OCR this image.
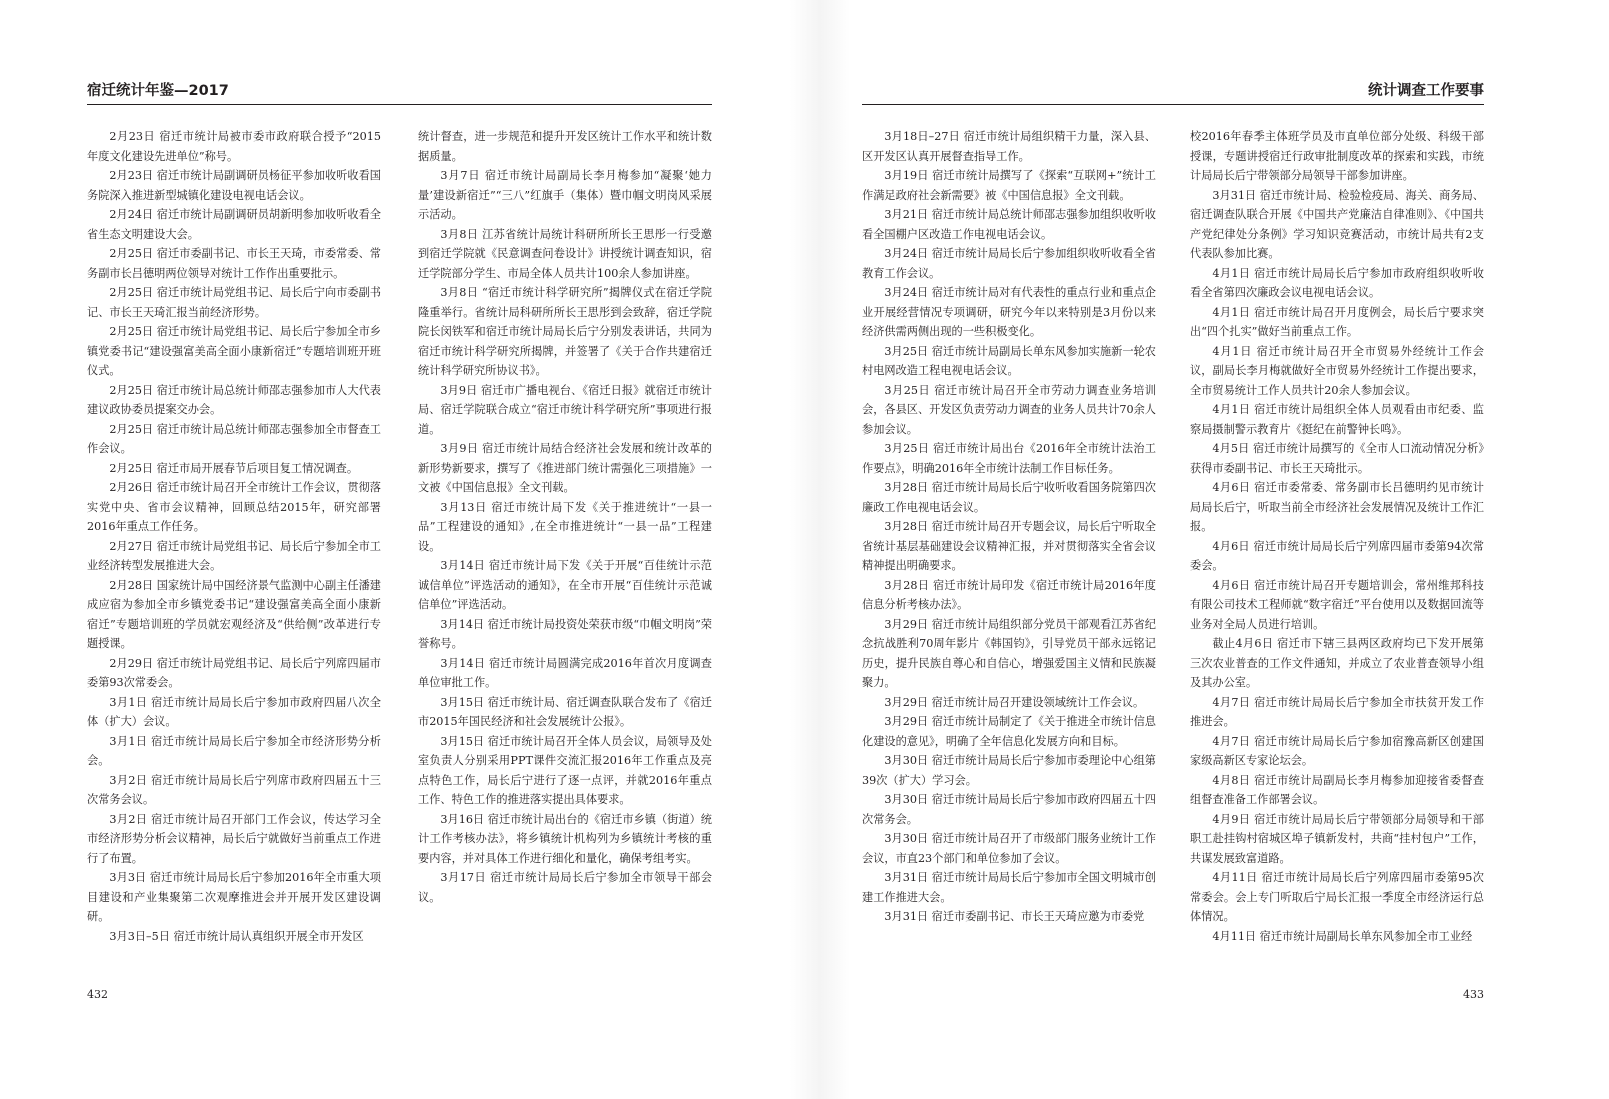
宿迁统计年鉴—2017

2月23日 宿迁市统计局被市委市政府联合授予“2015年度文化建设先进单位”称号。

2月23日 宿迁市统计局副调研员杨征平参加收听收看国务院深入推进新型城镇化建设电视电话会议。

2月24日 宿迁市统计局副调研员胡新明参加收听收看全省生态文明建设大会。

2月25日 宿迁市委副书记、市长王天琦，市委常委、常务副市长吕德明两位领导对统计工作作出重要批示。

2月25日 宿迁市统计局党组书记、局长后宁向市委副书记、市长王天琦汇报当前经济形势。

2月25日 宿迁市统计局党组书记、局长后宁参加全市乡镇党委书记“建设强富美高全面小康新宿迁”专题培训班开班仪式。

2月25日 宿迁市统计局总统计师邵志强参加市人大代表建议政协委员提案交办会。

2月25日 宿迁市统计局总统计师邵志强参加全市督查工作会议。

2月25日 宿迁市局开展春节后项目复工情况调查。

2月26日 宿迁市统计局召开全市统计工作会议，贯彻落实党中央、省市会议精神，回顾总结2015年，研究部署2016年重点工作任务。

2月27日 宿迁市统计局党组书记、局长后宁参加全市工业经济转型发展推进大会。

2月28日 国家统计局中国经济景气监测中心副主任潘建成应宿为参加全市乡镇党委书记“建设强富美高全面小康新宿迁”专题培训班的学员就宏观经济及“供给侧”改革进行专题授课。

2月29日 宿迁市统计局党组书记、局长后宁列席四届市委第93次常委会。

3月1日 宿迁市统计局局长后宁参加市政府四届八次全体（扩大）会议。

3月1日 宿迁市统计局局长后宁参加全市经济形势分析会。

3月2日 宿迁市统计局局长后宁列席市政府四届五十三次常务会议。

3月2日 宿迁市统计局召开部门工作会议，传达学习全市经济形势分析会议精神，局长后宁就做好当前重点工作进行了布置。

3月3日 宿迁市统计局局长后宁参加2016年全市重大项目建设和产业集聚第二次观摩推进会并开展开发区建设调研。

3月3日–5日 宿迁市统计局认真组织开展全市开发区

统计督查，进一步规范和提升开发区统计工作水平和统计数据质量。

3月7日 宿迁市统计局副局长李月梅参加“凝聚‘她力量’建设新宿迁”“三八”红旗手（集体）暨巾帼文明岗风采展示活动。

3月8日 江苏省统计局统计科研所所长王思彤一行受邀到宿迁学院就《民意调查问卷设计》讲授统计调查知识，宿迁学院部分学生、市局全体人员共计100余人参加讲座。

3月8日 “宿迁市统计科学研究所”揭牌仪式在宿迁学院隆重举行。省统计局科研所所长王思彤到会致辞，宿迁学院院长闵铁军和宿迁市统计局局长后宁分别发表讲话，共同为宿迁市统计科学研究所揭牌，并签署了《关于合作共建宿迁统计科学研究所协议书》。

3月9日 宿迁市广播电视台、《宿迁日报》就宿迁市统计局、宿迁学院联合成立“宿迁市统计科学研究所”事项进行报道。

3月9日 宿迁市统计局结合经济社会发展和统计改革的新形势新要求，撰写了《推进部门统计需强化三项措施》一文被《中国信息报》全文刊载。

3月13日 宿迁市统计局下发《关于推进统计“一县一品”工程建设的通知》,在全市推进统计“一县一品”工程建设。

3月14日 宿迁市统计局下发《关于开展“百佳统计示范诚信单位”评选活动的通知》，在全市开展“百佳统计示范诚信单位”评选活动。

3月14日 宿迁市统计局投资处荣获市级“巾帼文明岗”荣誉称号。

3月14日 宿迁市统计局圆满完成2016年首次月度调查单位审批工作。

3月15日 宿迁市统计局、宿迁调查队联合发布了《宿迁市2015年国民经济和社会发展统计公报》。

3月15日 宿迁市统计局召开全体人员会议，局领导及处室负责人分别采用PPT课件交流汇报2016年工作重点及亮点特色工作，局长后宁进行了逐一点评，并就2016年重点工作、特色工作的推进落实提出具体要求。

3月16日 宿迁市统计局出台的《宿迁市乡镇（街道）统计工作考核办法》，将乡镇统计机构列为乡镇统计考核的重要内容，并对具体工作进行细化和量化，确保考组考实。

3月17日 宿迁市统计局局长后宁参加全市领导干部会议。

432
统计调查工作要事

3月18日–27日 宿迁市统计局组织精干力量，深入县、区开发区认真开展督查指导工作。

3月19日 宿迁市统计局撰写了《探索“互联网+”统计工作满足政府社会新需要》被《中国信息报》全文刊载。

3月21日 宿迁市统计局总统计师邵志强参加组织收听收看全国棚户区改造工作电视电话会议。

3月24日 宿迁市统计局局长后宁参加组织收听收看全省教育工作会议。

3月24日 宿迁市统计局对有代表性的重点行业和重点企业开展经营情况专项调研，研究今年以来特别是3月份以来经济供需两侧出现的一些积极变化。

3月25日 宿迁市统计局副局长单东风参加实施新一轮农村电网改造工程电视电话会议。

3月25日 宿迁市统计局召开全市劳动力调查业务培训会，各县区、开发区负责劳动力调查的业务人员共计70余人参加会议。

3月25日 宿迁市统计局出台《2016年全市统计法治工作要点》，明确2016年全市统计法制工作目标任务。

3月28日 宿迁市统计局局长后宁收听收看国务院第四次廉政工作电视电话会议。

3月28日 宿迁市统计局召开专题会议，局长后宁听取全省统计基层基础建设会议精神汇报，并对贯彻落实全省会议精神提出明确要求。

3月28日 宿迁市统计局印发《宿迁市统计局2016年度信息分析考核办法》。

3月29日 宿迁市统计局组织部分党员干部观看江苏省纪念抗战胜利70周年影片《韩国钧》，引导党员干部永远铭记历史，提升民族自尊心和自信心，增强爱国主义情和民族凝聚力。

3月29日 宿迁市统计局召开建设领域统计工作会议。

3月29日 宿迁市统计局制定了《关于推进全市统计信息化建设的意见》，明确了全年信息化发展方向和目标。

3月30日 宿迁市统计局局长后宁参加市委理论中心组第39次（扩大）学习会。

3月30日 宿迁市统计局局长后宁参加市政府四届五十四次常务会。

3月30日 宿迁市统计局召开了市级部门服务业统计工作会议，市直23个部门和单位参加了会议。

3月31日 宿迁市统计局局长后宁参加市全国文明城市创建工作推进大会。

3月31日 宿迁市委副书记、市长王天琦应邀为市委党

校2016年春季主体班学员及市直单位部分处级、科级干部授课，专题讲授宿迁行政审批制度改革的探索和实践，市统计局局长后宁带领部分局领导干部参加讲座。

3月31日 宿迁市统计局、检验检疫局、海关、商务局、宿迁调查队联合开展《中国共产党廉洁自律准则》、《中国共产党纪律处分条例》学习知识竞赛活动，市统计局共有2支代表队参加比赛。

4月1日 宿迁市统计局局长后宁参加市政府组织收听收看全省第四次廉政会议电视电话会议。

4月1日 宿迁市统计局召开月度例会，局长后宁要求突出“四个扎实”做好当前重点工作。

4月1日 宿迁市统计局召开全市贸易外经统计工作会议，副局长李月梅就做好全市贸易外经统计工作提出要求，全市贸易统计工作人员共计20余人参加会议。

4月1日 宿迁市统计局组织全体人员观看由市纪委、监察局摄制警示教育片《挺纪在前警钟长鸣》。

4月5日 宿迁市统计局撰写的《全市人口流动情况分析》获得市委副书记、市长王天琦批示。

4月6日 宿迁市委常委、常务副市长吕德明约见市统计局局长后宁，听取当前全市经济社会发展情况及统计工作汇报。

4月6日 宿迁市统计局局长后宁列席四届市委第94次常委会。

4月6日 宿迁市统计局召开专题培训会，常州维邦科技有限公司技术工程师就“数字宿迁”平台使用以及数据回流等业务对全局人员进行培训。

截止4月6日 宿迁市下辖三县两区政府均已下发开展第三次农业普查的工作文件通知，并成立了农业普查领导小组及其办公室。

4月7日 宿迁市统计局局长后宁参加全市扶贫开发工作推进会。

4月7日 宿迁市统计局局长后宁参加宿豫高新区创建国家级高新区专家论坛会。

4月8日 宿迁市统计局副局长李月梅参加迎接省委督查组督查准备工作部署会议。

4月9日 宿迁市统计局局长后宁带领部分局领导和干部职工赴挂钩村宿城区埠子镇新发村，共商“挂村包户”工作，共谋发展致富道路。

4月11日 宿迁市统计局局长后宁列席四届市委第95次常委会。会上专门听取后宁局长汇报一季度全市经济运行总体情况。

4月11日 宿迁市统计局副局长单东风参加全市工业经

433
